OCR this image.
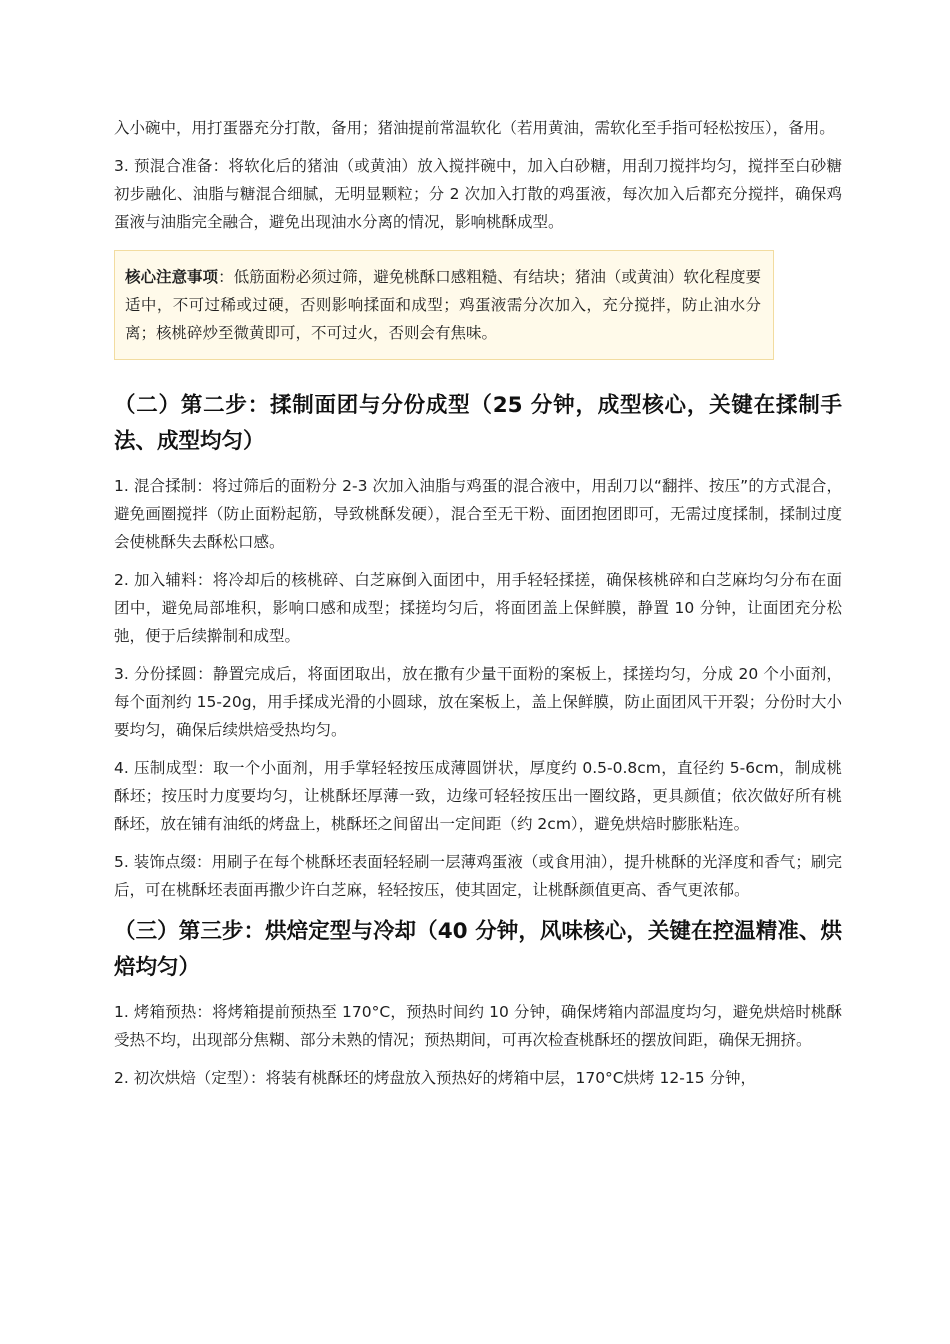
入小碗中，用打蛋器充分打散，备用；猪油提前常温软化（若用黄油，需软化至手指可轻松按压），备用。

3. 预混合准备：将软化后的猪油（或黄油）放入搅拌碗中，加入白砂糖，用刮刀搅拌均匀，搅拌至白砂糖初步融化、油脂与糖混合细腻，无明显颗粒；分 2 次加入打散的鸡蛋液，每次加入后都充分搅拌，确保鸡蛋液与油脂完全融合，避免出现油水分离的情况，影响桃酥成型。

核心注意事项：低筋面粉必须过筛，避免桃酥口感粗糙、有结块；猪油（或黄油）软化程度要适中，不可过稀或过硬，否则影响揉面和成型；鸡蛋液需分次加入，充分搅拌，防止油水分离；核桃碎炒至微黄即可，不可过火，否则会有焦味。
（二）第二步：揉制面团与分份成型（25 分钟，成型核心，关键在揉制手法、成型均匀）

1. 混合揉制：将过筛后的面粉分 2-3 次加入油脂与鸡蛋的混合液中，用刮刀以“翻拌、按压”的方式混合，避免画圈搅拌（防止面粉起筋，导致桃酥发硬），混合至无干粉、面团抱团即可，无需过度揉制，揉制过度会使桃酥失去酥松口感。

2. 加入辅料：将冷却后的核桃碎、白芝麻倒入面团中，用手轻轻揉搓，确保核桃碎和白芝麻均匀分布在面团中，避免局部堆积，影响口感和成型；揉搓均匀后，将面团盖上保鲜膜，静置 10 分钟，让面团充分松弛，便于后续擀制和成型。

3. 分份揉圆：静置完成后，将面团取出，放在撒有少量干面粉的案板上，揉搓均匀，分成 20 个小面剂，每个面剂约 15-20g，用手揉成光滑的小圆球，放在案板上，盖上保鲜膜，防止面团风干开裂；分份时大小要均匀，确保后续烘焙受热均匀。

4. 压制成型：取一个小面剂，用手掌轻轻按压成薄圆饼状，厚度约 0.5-0.8cm，直径约 5-6cm，制成桃酥坯；按压时力度要均匀，让桃酥坯厚薄一致，边缘可轻轻按压出一圈纹路，更具颜值；依次做好所有桃酥坯，放在铺有油纸的烤盘上，桃酥坯之间留出一定间距（约 2cm），避免烘焙时膨胀粘连。

5. 装饰点缀：用刷子在每个桃酥坯表面轻轻刷一层薄鸡蛋液（或食用油），提升桃酥的光泽度和香气；刷完后，可在桃酥坯表面再撒少许白芝麻，轻轻按压，使其固定，让桃酥颜值更高、香气更浓郁。

（三）第三步：烘焙定型与冷却（40 分钟，风味核心，关键在控温精准、烘焙均匀）

1. 烤箱预热：将烤箱提前预热至 170°C，预热时间约 10 分钟，确保烤箱内部温度均匀，避免烘焙时桃酥受热不均，出现部分焦糊、部分未熟的情况；预热期间，可再次检查桃酥坯的摆放间距，确保无拥挤。

2. 初次烘焙（定型）：将装有桃酥坯的烤盘放入预热好的烤箱中层，170°C烘烤 12-15 分钟，
